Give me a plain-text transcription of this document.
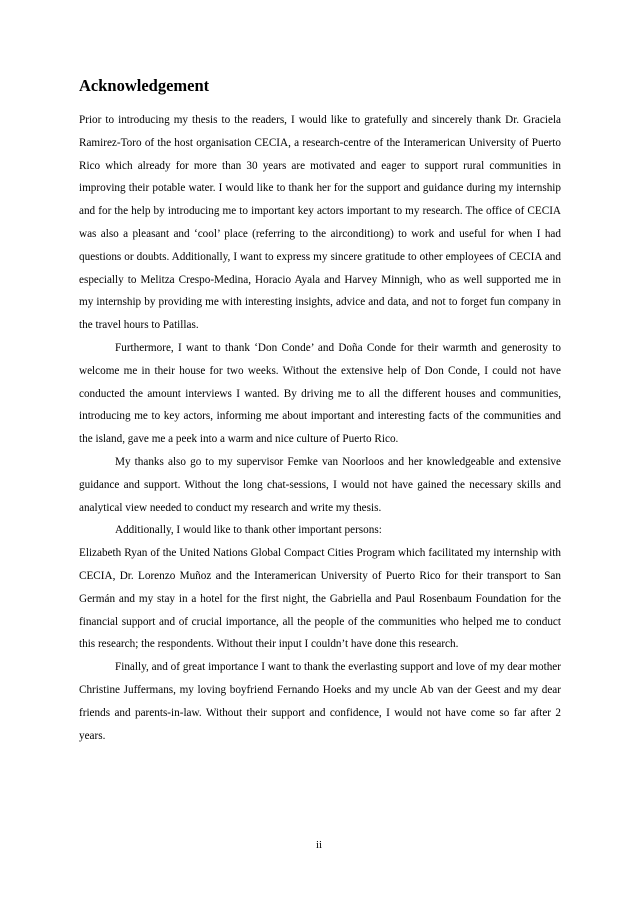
Acknowledgement

Prior to introducing my thesis to the readers, I would like to gratefully and sincerely thank Dr. Graciela Ramirez-Toro of the host organisation CECIA, a research-centre of the Interamerican University of Puerto Rico which already for more than 30 years are motivated and eager to support rural communities in improving their potable water. I would like to thank her for the support and guidance during my internship and for the help by introducing me to important key actors important to my research. The office of CECIA was also a pleasant and ‘cool’ place (referring to the airconditiong) to work and useful for when I had questions or doubts. Additionally, I want to express my sincere gratitude to other employees of CECIA and especially to Melitza Crespo-Medina, Horacio Ayala and Harvey Minnigh, who as well supported me in my internship by providing me with interesting insights, advice and data, and not to forget fun company in the travel hours to Patillas.

Furthermore, I want to thank ‘Don Conde’ and Doña Conde for their warmth and generosity to welcome me in their house for two weeks. Without the extensive help of Don Conde, I could not have conducted the amount interviews I wanted. By driving me to all the different houses and communities, introducing me to key actors, informing me about important and interesting facts of the communities and the island, gave me a peek into a warm and nice culture of Puerto Rico.

My thanks also go to my supervisor Femke van Noorloos and her knowledgeable and extensive guidance and support. Without the long chat-sessions, I would not have gained the necessary skills and analytical view needed to conduct my research and write my thesis.

Additionally, I would like to thank other important persons:

Elizabeth Ryan of the United Nations Global Compact Cities Program which facilitated my internship with CECIA, Dr. Lorenzo Muñoz and the Interamerican University of Puerto Rico for their transport to San Germán and my stay in a hotel for the first night, the Gabriella and Paul Rosenbaum Foundation for the financial support and of crucial importance, all the people of the communities who helped me to conduct this research; the respondents. Without their input I couldn’t have done this research.

Finally, and of great importance I want to thank the everlasting support and love of my dear mother Christine Juffermans, my loving boyfriend Fernando Hoeks and my uncle Ab van der Geest and my dear friends and parents-in-law. Without their support and confidence, I would not have come so far after 2 years.

ii
